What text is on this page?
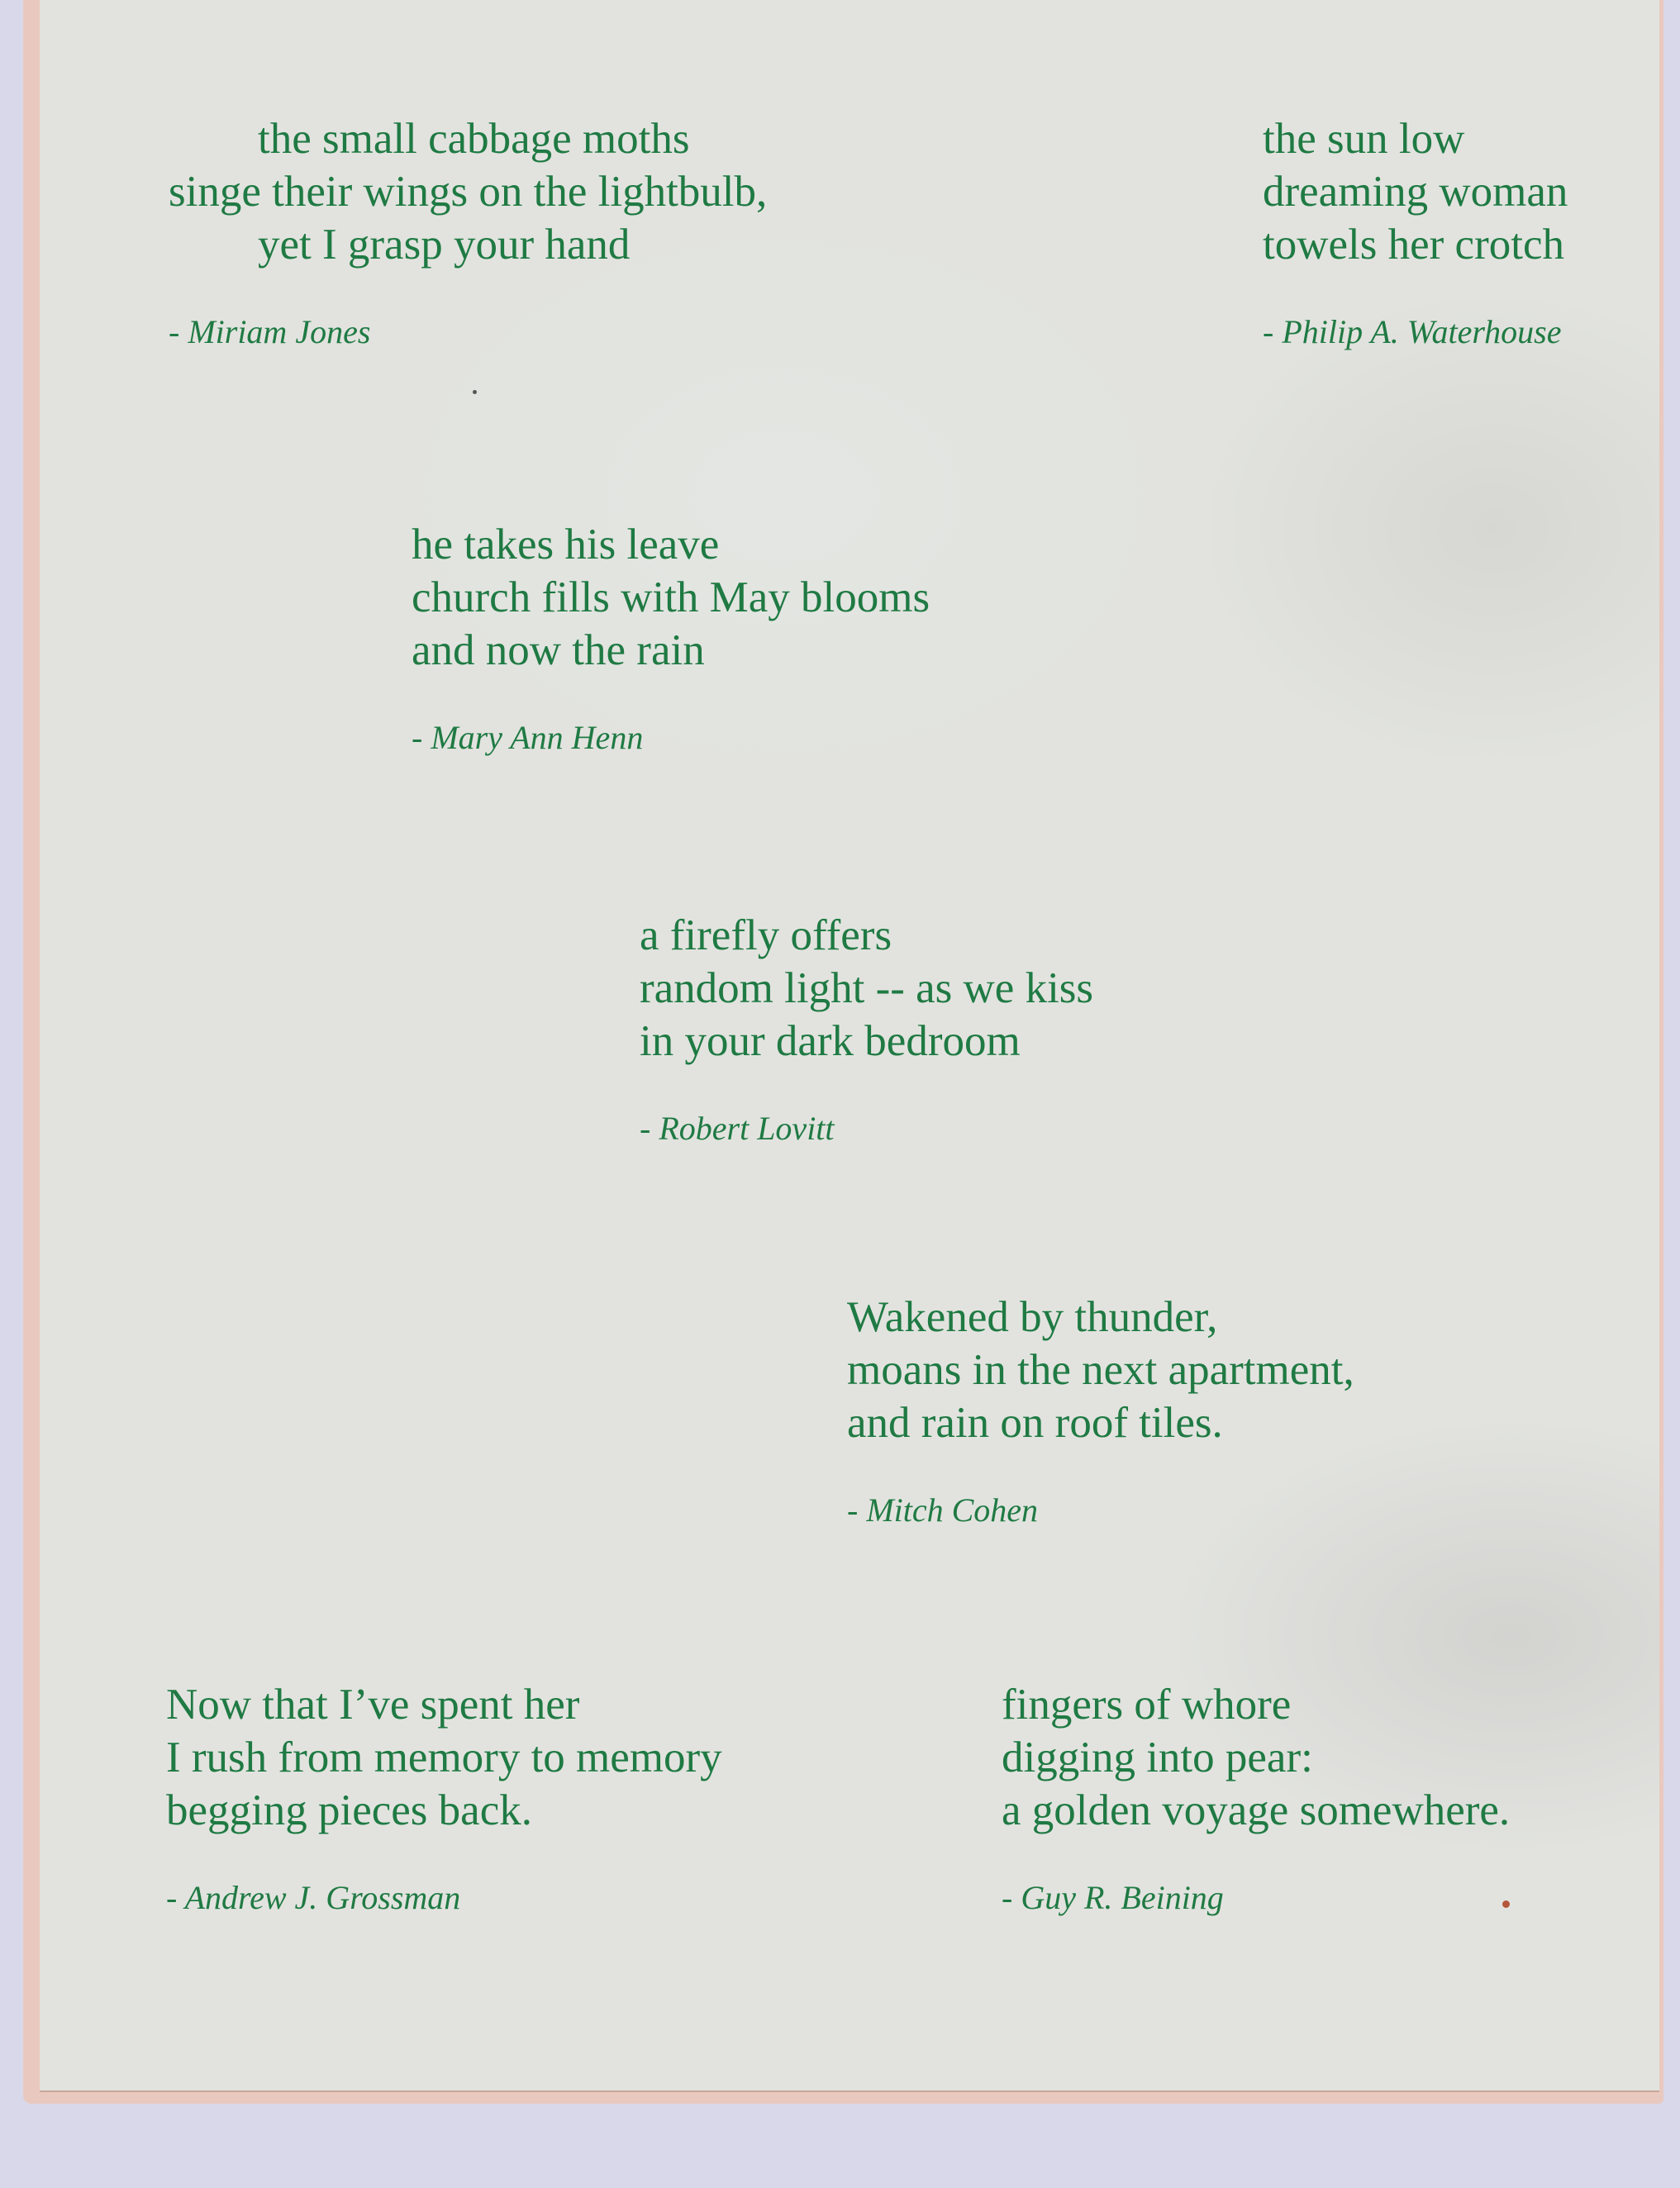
the small cabbage moths
singe their wings on the lightbulb,
yet I grasp your hand
- Miriam Jones
the sun low
dreaming woman
towels her crotch
- Philip A. Waterhouse
he takes his leave
church fills with May blooms
and now the rain
- Mary Ann Henn
a firefly offers
random light -- as we kiss
in your dark bedroom
- Robert Lovitt
Wakened by thunder,
moans in the next apartment,
and rain on roof tiles.
- Mitch Cohen
Now that I’ve spent her
I rush from memory to memory
begging pieces back.
- Andrew J. Grossman
fingers of whore
digging into pear:
a golden voyage somewhere.
- Guy R. Beining
